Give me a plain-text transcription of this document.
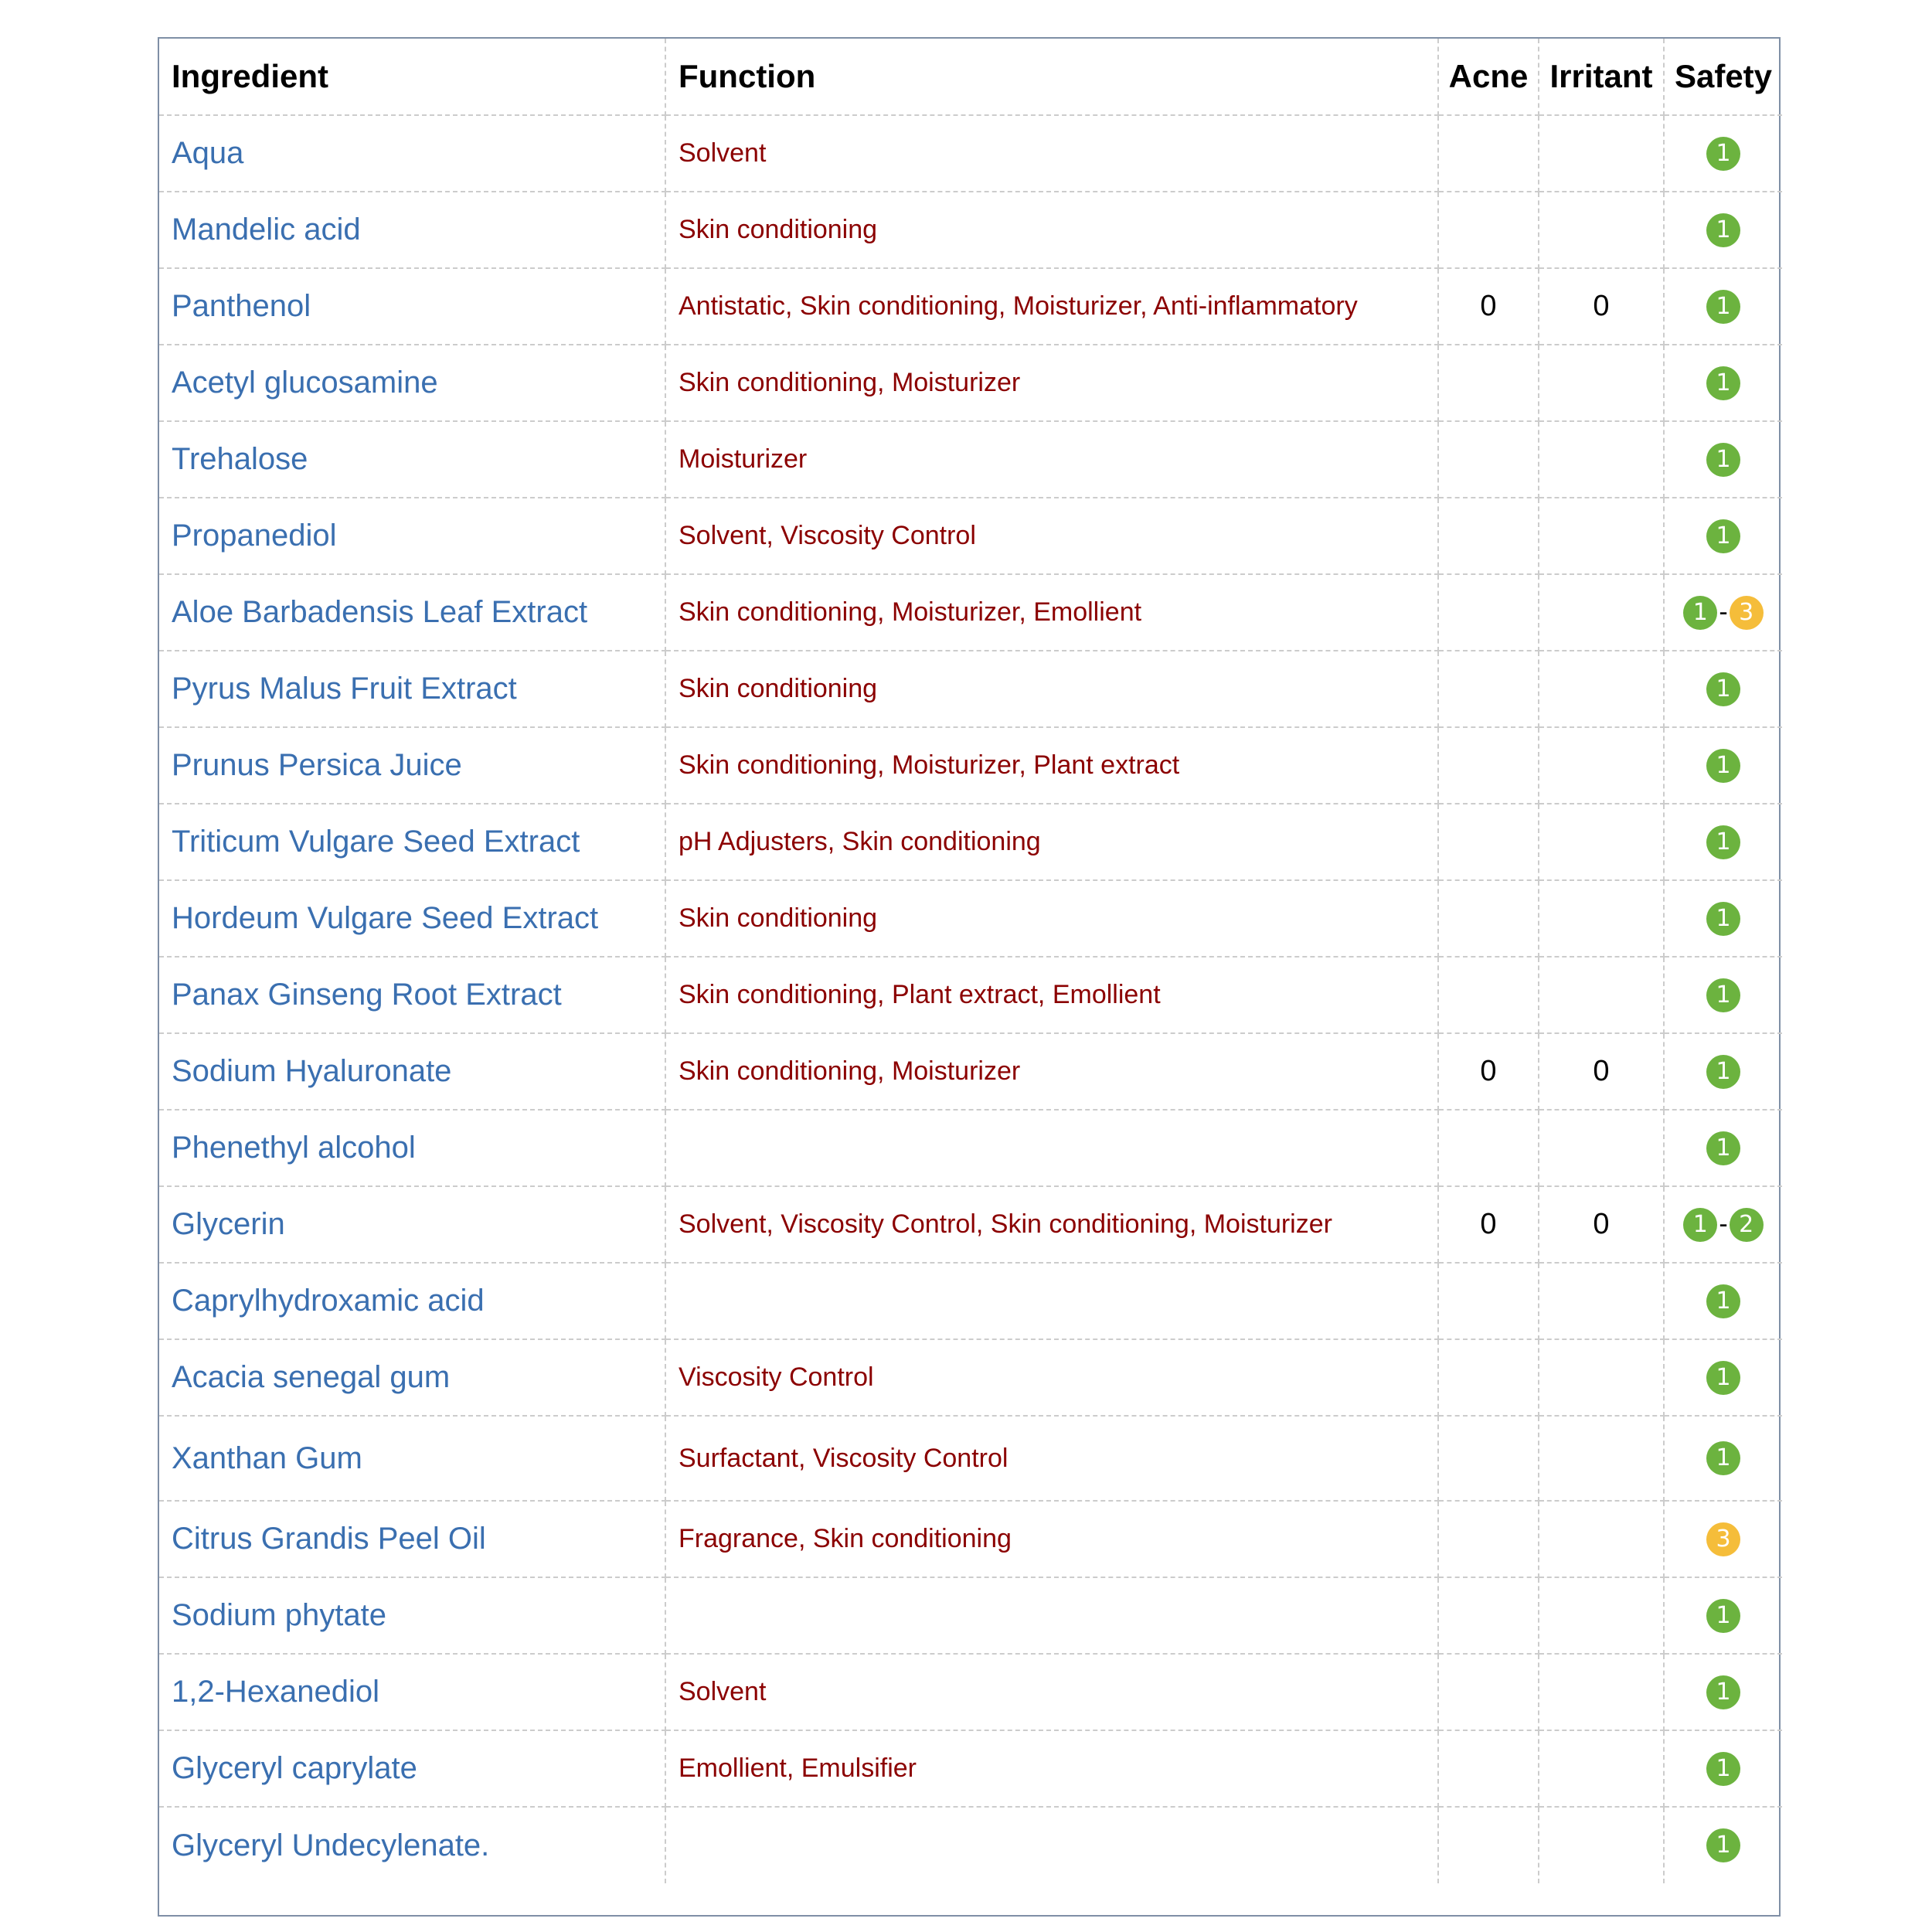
Ingredient	Function	Acne	Irritant	Safety
Aqua	Solvent			1
Mandelic acid	Skin conditioning			1
Panthenol	Antistatic, Skin conditioning, Moisturizer, Anti-inflammatory	0	0	1
Acetyl glucosamine	Skin conditioning, Moisturizer			1
Trehalose	Moisturizer			1
Propanediol	Solvent, Viscosity Control			1
Aloe Barbadensis Leaf Extract	Skin conditioning, Moisturizer, Emollient			1 - 3
Pyrus Malus Fruit Extract	Skin conditioning			1
Prunus Persica Juice	Skin conditioning, Moisturizer, Plant extract			1
Triticum Vulgare Seed Extract	pH Adjusters, Skin conditioning			1
Hordeum Vulgare Seed Extract	Skin conditioning			1
Panax Ginseng Root Extract	Skin conditioning, Plant extract, Emollient			1
Sodium Hyaluronate	Skin conditioning, Moisturizer	0	0	1
Phenethyl alcohol				1
Glycerin	Solvent, Viscosity Control, Skin conditioning, Moisturizer	0	0	1 - 2
Caprylhydroxamic acid				1
Acacia senegal gum	Viscosity Control			1
Xanthan Gum	Surfactant, Viscosity Control			1
Citrus Grandis Peel Oil	Fragrance, Skin conditioning			3
Sodium phytate				1
1,2-Hexanediol	Solvent			1
Glyceryl caprylate	Emollient, Emulsifier			1
Glyceryl Undecylenate.				1
